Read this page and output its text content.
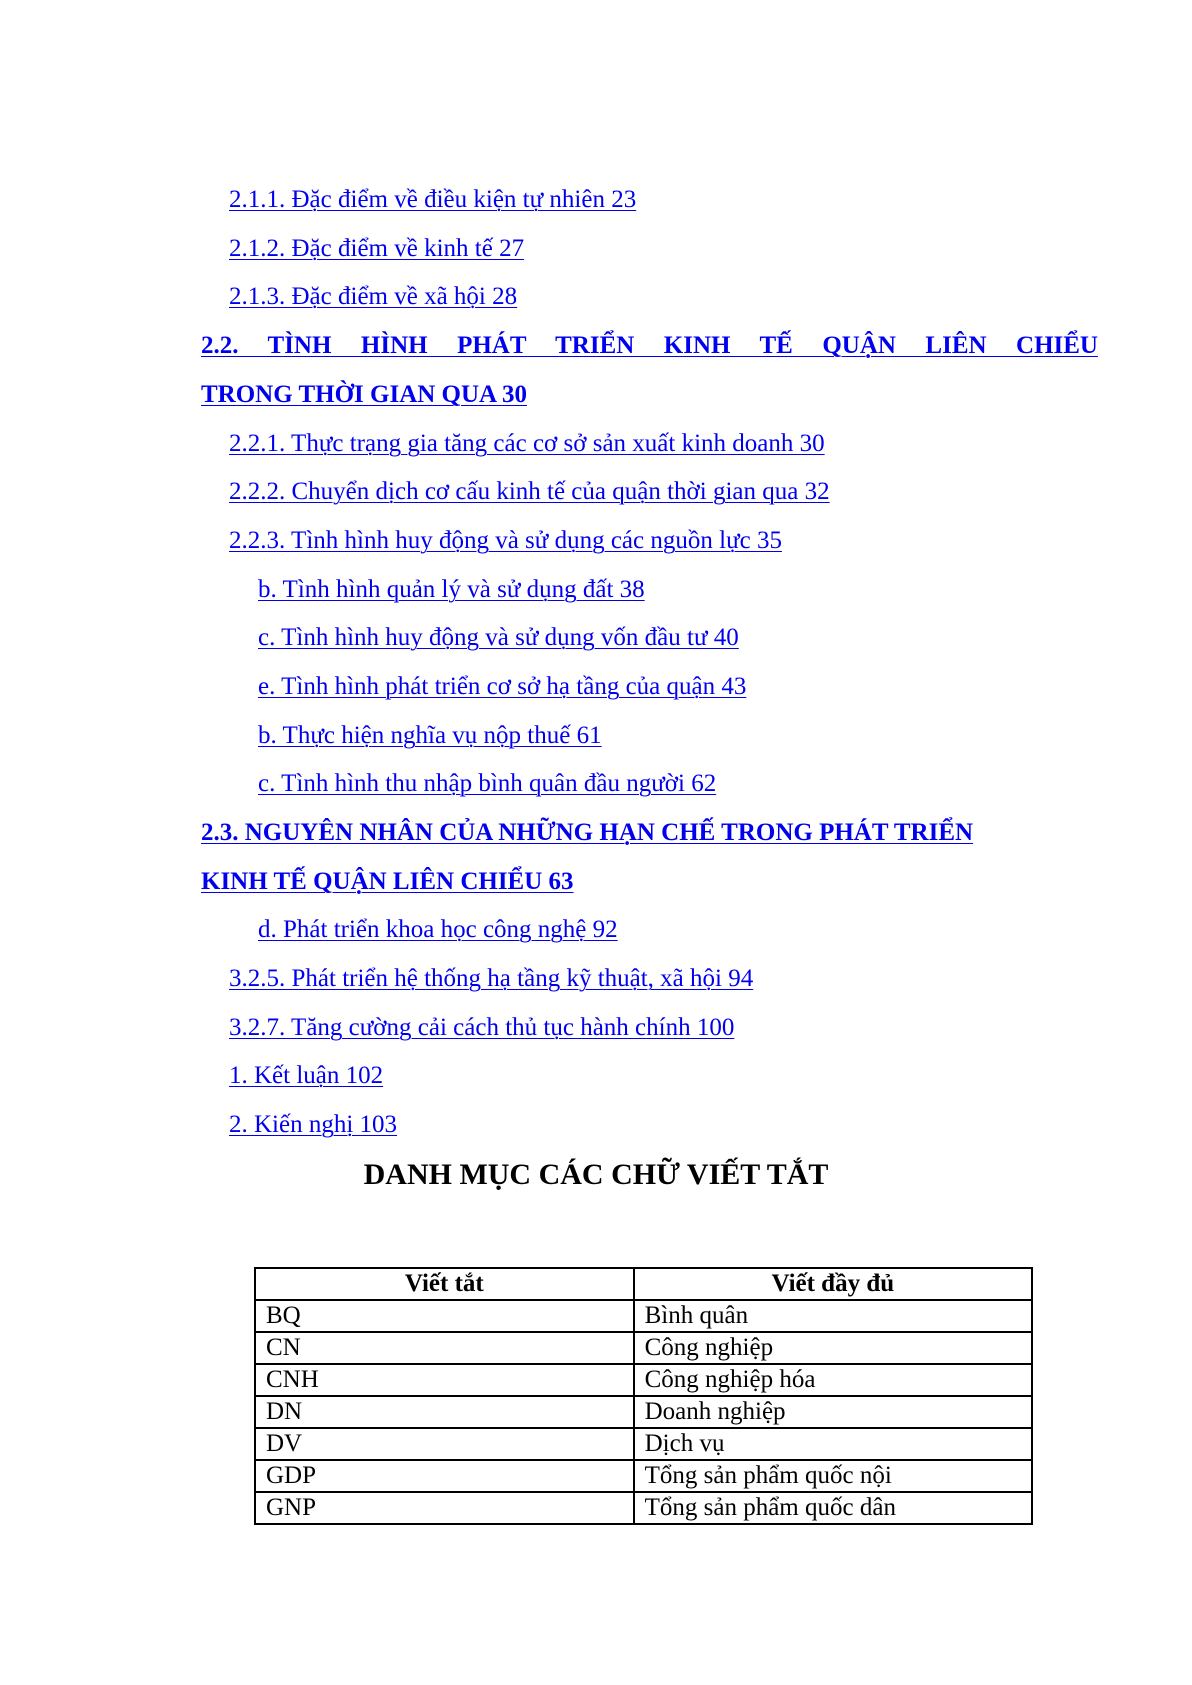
2.1.1. Đặc điểm về điều kiện tự nhiên 23
2.1.2. Đặc điểm về kinh tế 27
2.1.3. Đặc điểm về xã hội 28
2.2. TÌNH HÌNH PHÁT TRIỂN KINH TẾ QUẬN LIÊN CHIỂU
TRONG THỜI GIAN QUA 30
2.2.1. Thực trạng gia tăng các cơ sở sản xuất kinh doanh 30
2.2.2. Chuyển dịch cơ cấu kinh tế của quận thời gian qua 32
2.2.3. Tình hình huy động và sử dụng các nguồn lực 35
b. Tình hình quản lý và sử dụng đất 38
c. Tình hình huy động và sử dụng vốn đầu tư 40
e. Tình hình phát triển cơ sở hạ tầng của quận 43
b. Thực hiện nghĩa vụ nộp thuế 61
c. Tình hình thu nhập bình quân đầu người 62
2.3. NGUYÊN NHÂN CỦA NHỮNG HẠN CHẾ TRONG PHÁT TRIỂN
KINH TẾ QUẬN LIÊN CHIỂU 63
d. Phát triển khoa học công nghệ 92
3.2.5. Phát triển hệ thống hạ tầng kỹ thuật, xã hội 94
3.2.7. Tăng cường cải cách thủ tục hành chính 100
1. Kết luận 102
2. Kiến nghị 103
DANH MỤC CÁC CHỮ VIẾT TẮT
Viết tắt	Viết đầy đủ
BQ	Bình quân
CN	Công nghiệp
CNH	Công nghiệp hóa
DN	Doanh nghiệp
DV	Dịch vụ
GDP	Tổng sản phẩm quốc nội
GNP	Tổng sản phẩm quốc dân
